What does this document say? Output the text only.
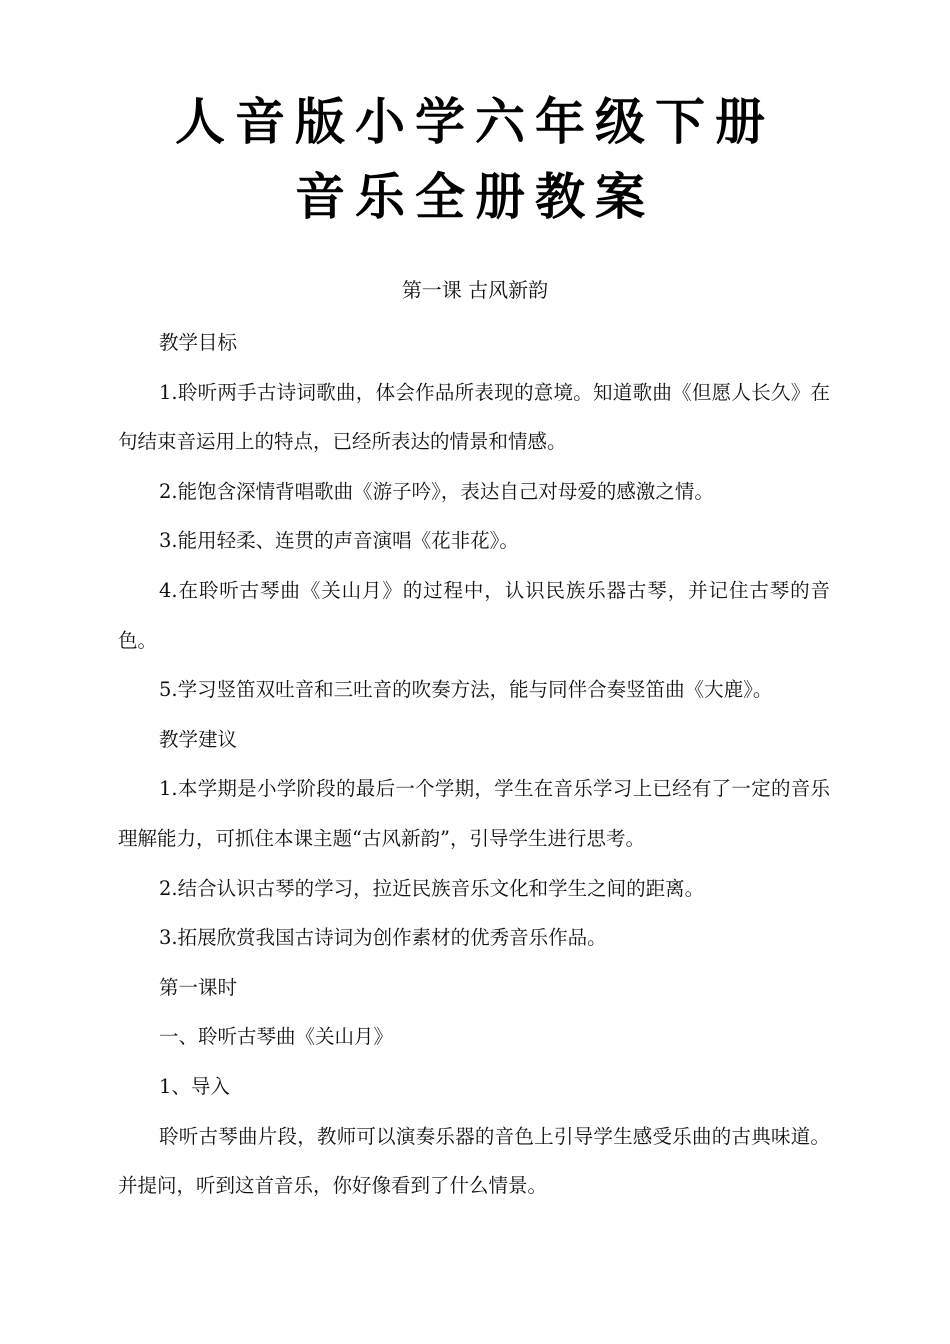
人音版小学六年级下册
音乐全册教案
第一课 古风新韵

教学目标

1.聆听两手古诗词歌曲，体会作品所表现的意境。知道歌曲《但愿人长久》在句结束音运用上的特点，已经所表达的情景和情感。

2.能饱含深情背唱歌曲《游子吟》，表达自己对母爱的感激之情。

3.能用轻柔、连贯的声音演唱《花非花》。

4.在聆听古琴曲《关山月》的过程中，认识民族乐器古琴，并记住古琴的音色。

5.学习竖笛双吐音和三吐音的吹奏方法，能与同伴合奏竖笛曲《大鹿》。

教学建议

1.本学期是小学阶段的最后一个学期，学生在音乐学习上已经有了一定的音乐理解能力，可抓住本课主题“古风新韵”，引导学生进行思考。

2.结合认识古琴的学习，拉近民族音乐文化和学生之间的距离。

3.拓展欣赏我国古诗词为创作素材的优秀音乐作品。

第一课时

一、聆听古琴曲《关山月》

1、导入

聆听古琴曲片段，教师可以演奏乐器的音色上引导学生感受乐曲的古典味道。并提问，听到这首音乐，你好像看到了什么情景。
